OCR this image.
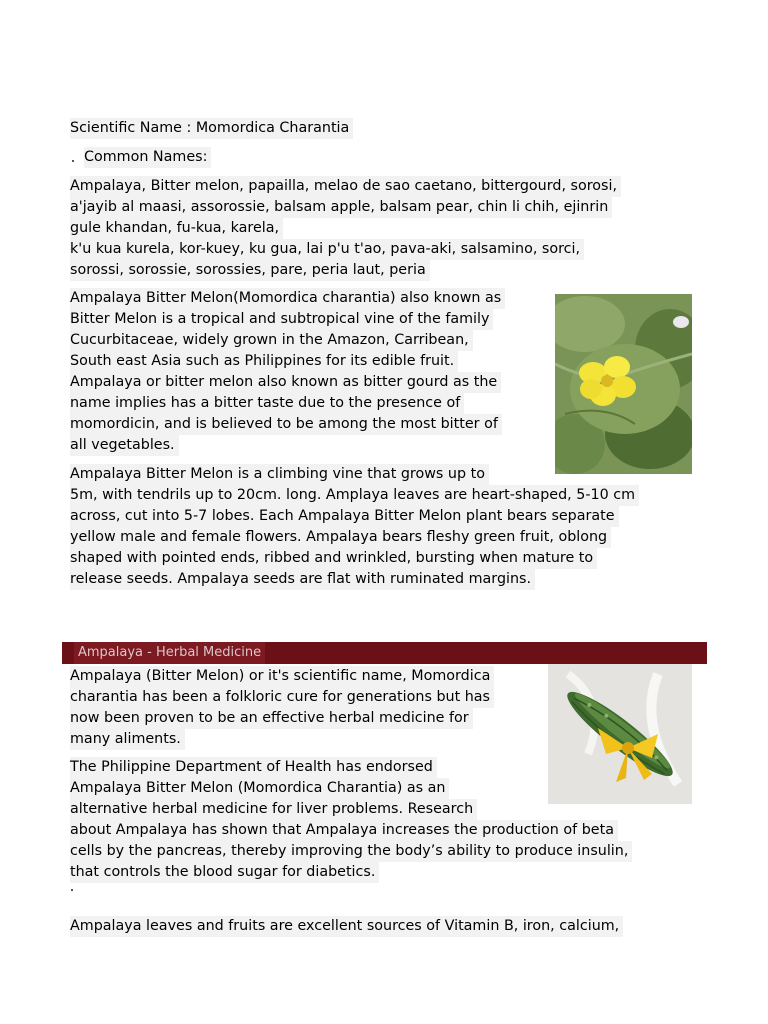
What is Ampalaya
Scientific Name : Momordica Charantia
Common Names:
Ampalaya, Bitter melon, papailla, melao de sao caetano, bittergourd, sorosi,
a'jayib al maasi, assorossie, balsam apple, balsam pear, chin li chih, ejinrin
gule khandan, fu-kua, karela,
k'u kua kurela, kor-kuey, ku gua, lai p'u t'ao, pava-aki, salsamino, sorci,
sorossi, sorossie, sorossies, pare, peria laut, peria
Ampalaya Bitter Melon(Momordica charantia) also known as
Bitter Melon is a tropical and subtropical vine of the family
Cucurbitaceae, widely grown in the Amazon, Carribean,
South east Asia such as Philippines for its edible fruit.
Ampalaya or bitter melon also known as bitter gourd as the
name implies has a bitter taste due to the presence of
momordicin, and is believed to be among the most bitter of
all vegetables.
Ampalaya Bitter Melon is a climbing vine that grows up to
5m, with tendrils up to 20cm. long. Amplaya leaves are heart-shaped, 5-10 cm
across, cut into 5-7 lobes. Each Ampalaya Bitter Melon plant bears separate
yellow male and female flowers. Ampalaya bears fleshy green fruit, oblong
shaped with pointed ends, ribbed and wrinkled, bursting when mature to
release seeds. Ampalaya seeds are flat with ruminated margins.
Ampalaya - Herbal Medicine
Ampalaya (Bitter Melon) or it's scientific name, Momordica
charantia has been a folkloric cure for generations but has
now been proven to be an effective herbal medicine for
many aliments.
The Philippine Department of Health has endorsed
Ampalaya Bitter Melon (Momordica Charantia) as an
alternative herbal medicine for liver problems. Research
about Ampalaya has shown that Ampalaya increases the production of beta
cells by the pancreas, thereby improving the body’s ability to produce insulin,
that controls the blood sugar for diabetics.
Ampalaya leaves and fruits are excellent sources of Vitamin B, iron, calcium,
